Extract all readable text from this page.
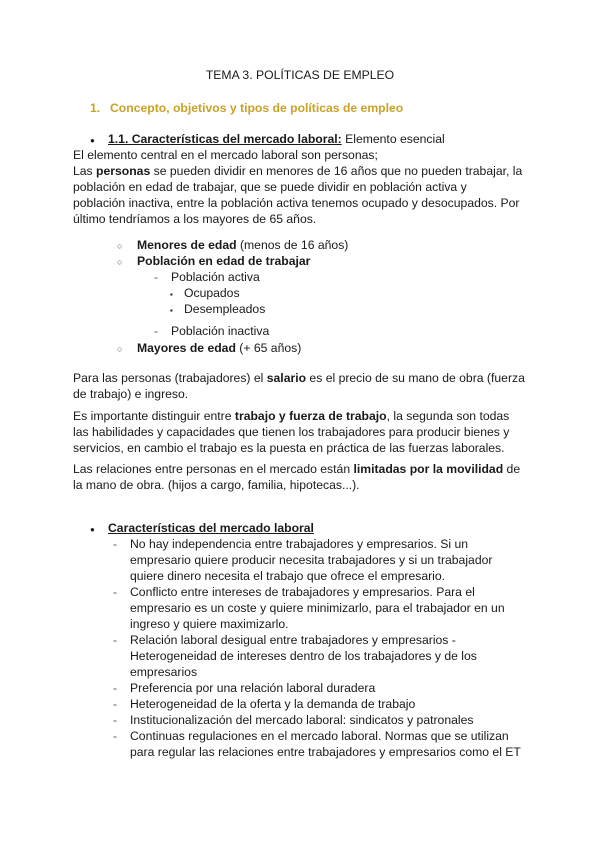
TEMA 3. POLÍTICAS DE EMPLEO
1. Concepto, objetivos y tipos de políticas de empleo
● 1.1. Características del mercado laboral: Elemento esencial
El elemento central en el mercado laboral son personas;
Las personas se pueden dividir en menores de 16 años que no pueden trabajar, la
población en edad de trabajar, que se puede dividir en población activa y
población inactiva, entre la población activa tenemos ocupado y desocupados. Por
último tendríamos a los mayores de 65 años.
○ Menores de edad (menos de 16 años)
○ Población en edad de trabajar
- Población activa
▪ Ocupados
▪ Desempleados
- Población inactiva
○ Mayores de edad (+ 65 años)
Para las personas (trabajadores) el salario es el precio de su mano de obra (fuerza
de trabajo) e ingreso.
Es importante distinguir entre trabajo y fuerza de trabajo, la segunda son todas
las habilidades y capacidades que tienen los trabajadores para producir bienes y
servicios, en cambio el trabajo es la puesta en práctica de las fuerzas laborales.
Las relaciones entre personas en el mercado están limitadas por la movilidad de
la mano de obra. (hijos a cargo, familia, hipotecas...).
● Características del mercado laboral
- No hay independencia entre trabajadores y empresarios. Si un
empresario quiere producir necesita trabajadores y si un trabajador
quiere dinero necesita el trabajo que ofrece el empresario.
- Conflicto entre intereses de trabajadores y empresarios. Para el
empresario es un coste y quiere minimizarlo, para el trabajador en un
ingreso y quiere maximizarlo.
- Relación laboral desigual entre trabajadores y empresarios -
Heterogeneidad de intereses dentro de los trabajadores y de los
empresarios
- Preferencia por una relación laboral duradera
- Heterogeneidad de la oferta y la demanda de trabajo
- Institucionalización del mercado laboral: sindicatos y patronales
- Continuas regulaciones en el mercado laboral. Normas que se utilizan
para regular las relaciones entre trabajadores y empresarios como el ET
